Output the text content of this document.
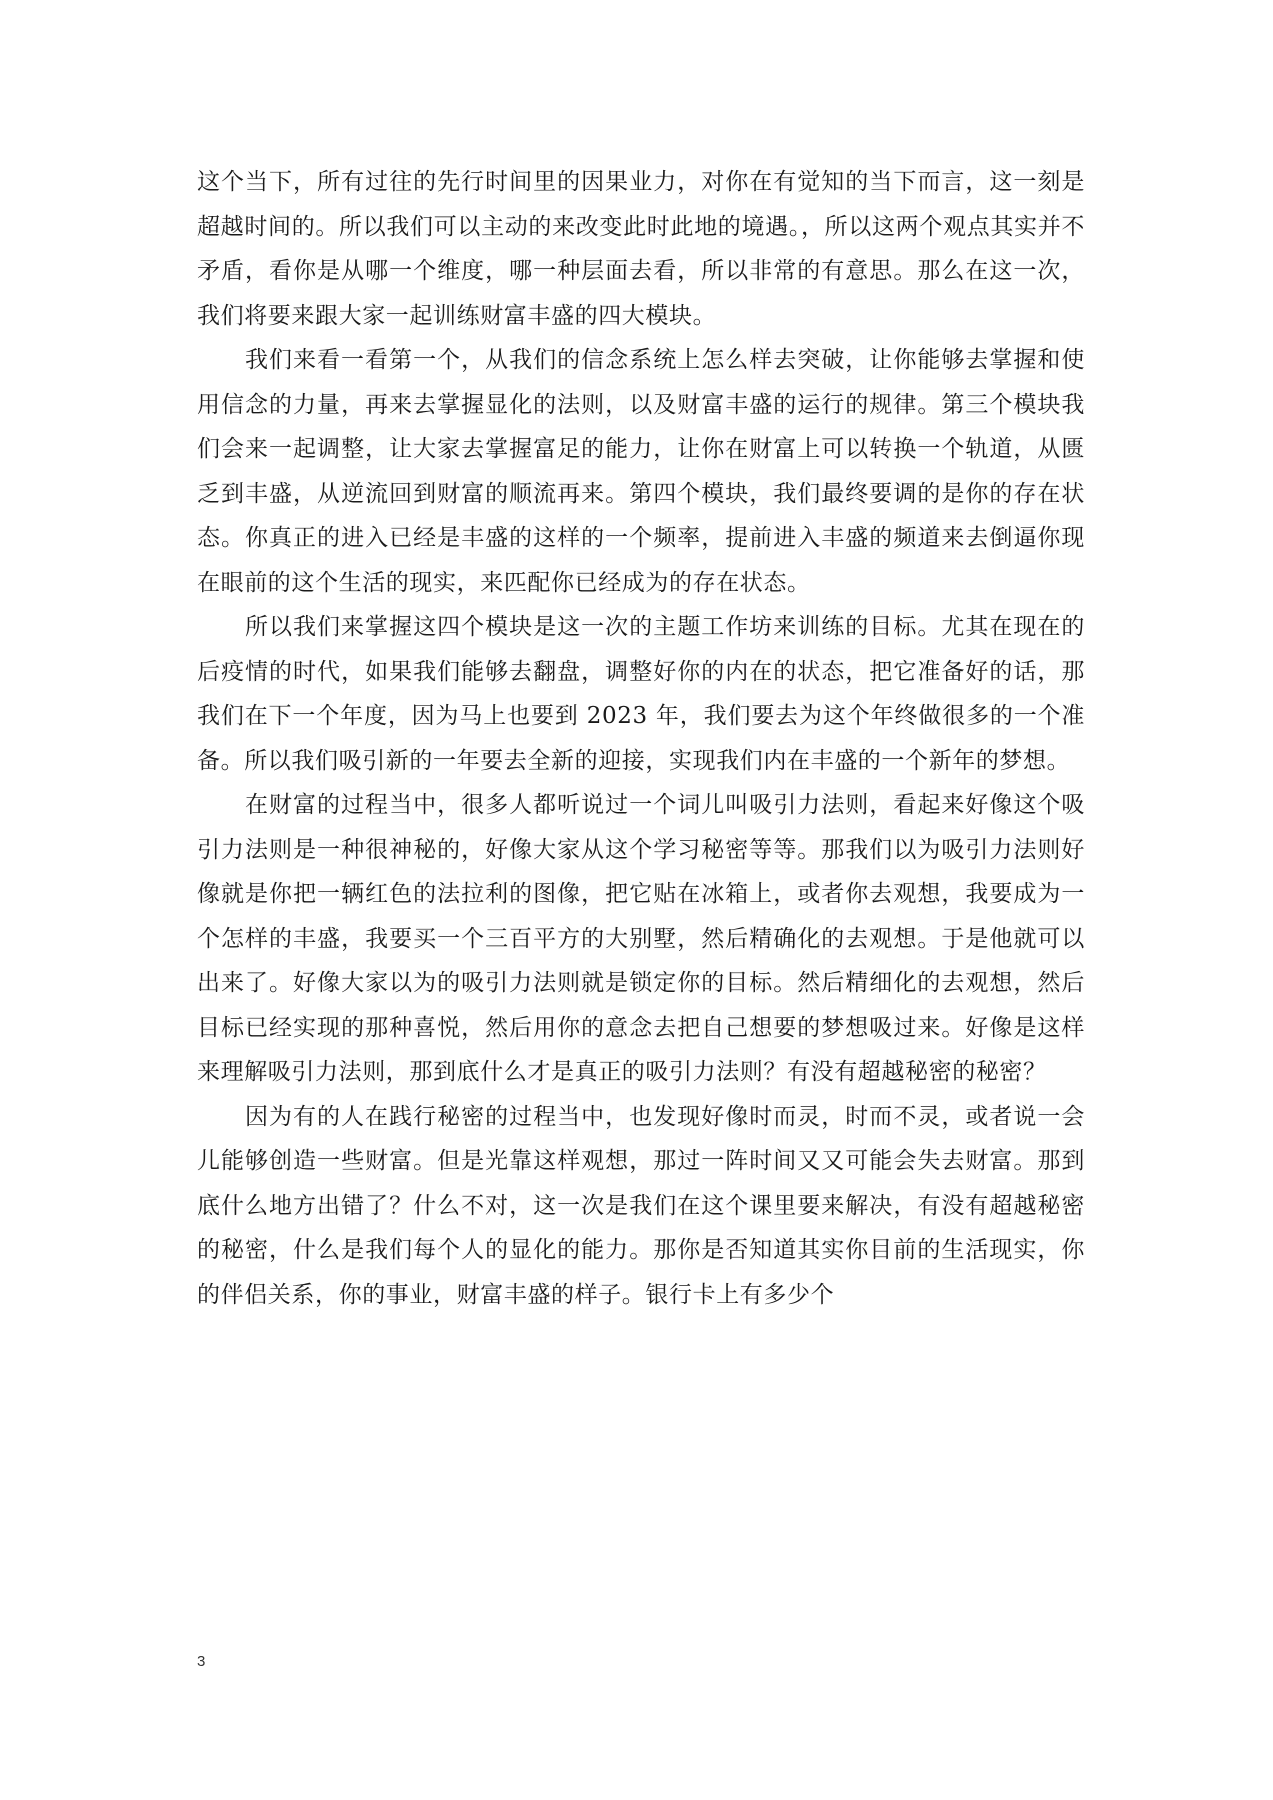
这个当下，所有过往的先行时间里的因果业力，对你在有觉知的当下而言，这一刻是超越时间的。所以我们可以主动的来改变此时此地的境遇。，所以这两个观点其实并不矛盾，看你是从哪一个维度，哪一种层面去看，所以非常的有意思。那么在这一次，我们将要来跟大家一起训练财富丰盛的四大模块。

我们来看一看第一个，从我们的信念系统上怎么样去突破，让你能够去掌握和使用信念的力量，再来去掌握显化的法则，以及财富丰盛的运行的规律。第三个模块我们会来一起调整，让大家去掌握富足的能力，让你在财富上可以转换一个轨道，从匮乏到丰盛，从逆流回到财富的顺流再来。第四个模块，我们最终要调的是你的存在状态。你真正的进入已经是丰盛的这样的一个频率，提前进入丰盛的频道来去倒逼你现在眼前的这个生活的现实，来匹配你已经成为的存在状态。

所以我们来掌握这四个模块是这一次的主题工作坊来训练的目标。尤其在现在的后疫情的时代，如果我们能够去翻盘，调整好你的内在的状态，把它准备好的话，那我们在下一个年度，因为马上也要到 2023 年，我们要去为这个年终做很多的一个准备。所以我们吸引新的一年要去全新的迎接，实现我们内在丰盛的一个新年的梦想。

在财富的过程当中，很多人都听说过一个词儿叫吸引力法则，看起来好像这个吸引力法则是一种很神秘的，好像大家从这个学习秘密等等。那我们以为吸引力法则好像就是你把一辆红色的法拉利的图像，把它贴在冰箱上，或者你去观想，我要成为一个怎样的丰盛，我要买一个三百平方的大别墅，然后精确化的去观想。于是他就可以出来了。好像大家以为的吸引力法则就是锁定你的目标。然后精细化的去观想，然后目标已经实现的那种喜悦，然后用你的意念去把自己想要的梦想吸过来。好像是这样来理解吸引力法则，那到底什么才是真正的吸引力法则？有没有超越秘密的秘密？

因为有的人在践行秘密的过程当中，也发现好像时而灵，时而不灵，或者说一会儿能够创造一些财富。但是光靠这样观想，那过一阵时间又又可能会失去财富。那到底什么地方出错了？什么不对，这一次是我们在这个课里要来解决，有没有超越秘密的秘密，什么是我们每个人的显化的能力。那你是否知道其实你目前的生活现实，你的伴侣关系，你的事业，财富丰盛的样子。银行卡上有多少个

3
